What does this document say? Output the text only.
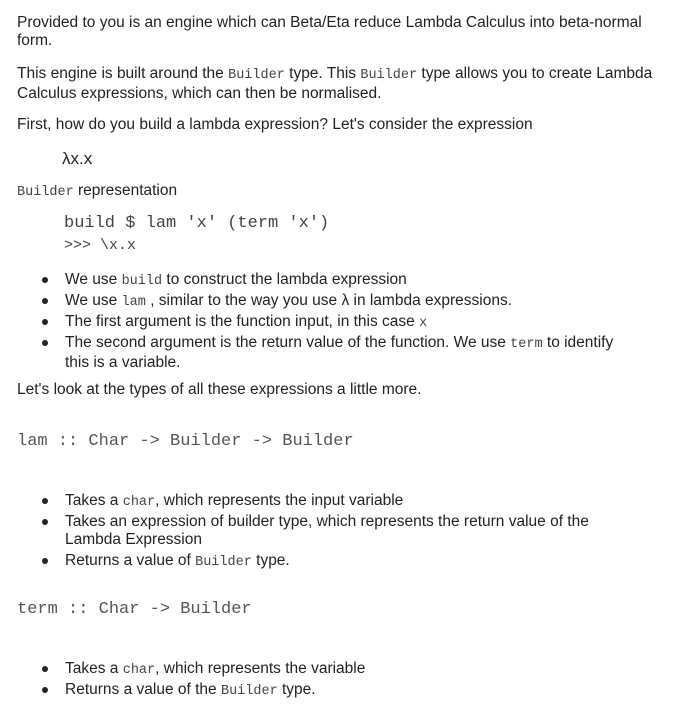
Provided to you is an engine which can Beta/Eta reduce Lambda Calculus into beta-normal form.

This engine is built around the Builder type. This Builder type allows you to create Lambda Calculus expressions, which can then be normalised.

First, how do you build a lambda expression? Let's consider the expression

λx.x

Builder representation

build $ lam 'x' (term 'x')
>>> \x.x
We use build to construct the lambda expression
We use lam , similar to the way you use λ in lambda expressions.
The first argument is the function input, in this case x
The second argument is the return value of the function. We use term to identify this is a variable.

Let's look at the types of all these expressions a little more.

lam :: Char -> Builder -> Builder
Takes a char, which represents the input variable
Takes an expression of builder type, which represents the return value of the Lambda Expression
Returns a value of Builder type.
term :: Char -> Builder
Takes a char, which represents the variable
Returns a value of the Builder type.
